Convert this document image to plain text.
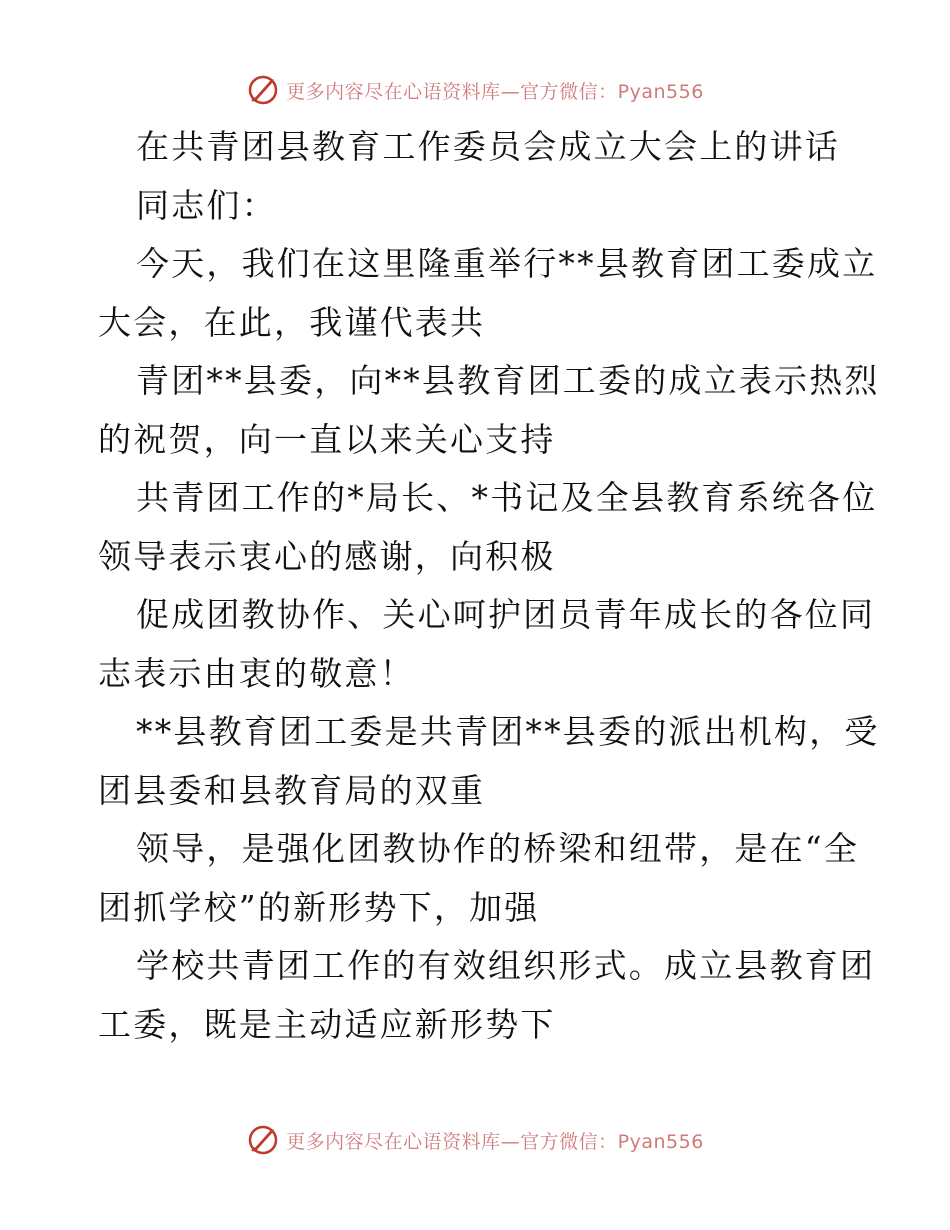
更多内容尽在心语资料库—官方微信：Pyan556
在共青团县教育工作委员会成立大会上的讲话
同志们：
今天，我们在这里隆重举行**县教育团工委成立
大会，在此，我谨代表共
青团**县委，向**县教育团工委的成立表示热烈
的祝贺，向一直以来关心支持
共青团工作的*局长、*书记及全县教育系统各位
领导表示衷心的感谢，向积极
促成团教协作、关心呵护团员青年成长的各位同
志表示由衷的敬意！
**县教育团工委是共青团**县委的派出机构，受
团县委和县教育局的双重
领导，是强化团教协作的桥梁和纽带，是在“全
团抓学校”的新形势下，加强
学校共青团工作的有效组织形式。成立县教育团
工委，既是主动适应新形势下
更多内容尽在心语资料库—官方微信：Pyan556
